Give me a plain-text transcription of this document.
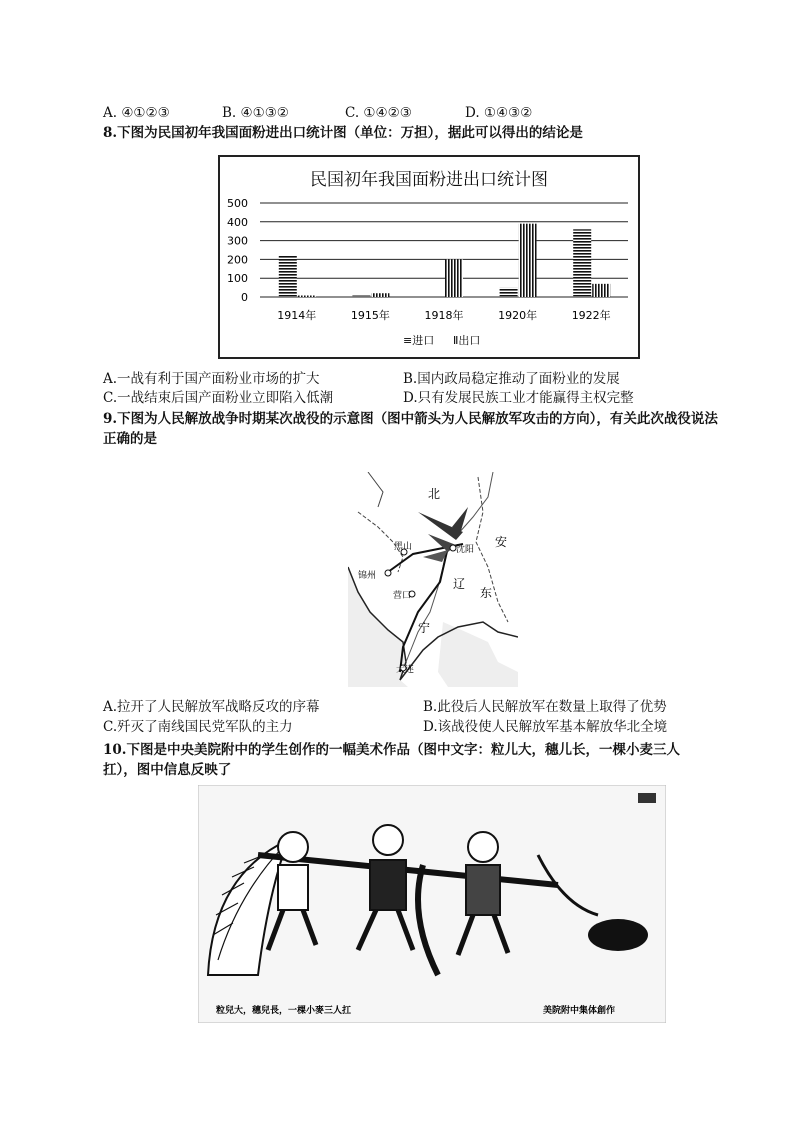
A. ④①②③	B. ④①③②	C. ①④②③	D. ①④③②
8.下图为民国初年我国面粉进出口统计图（单位：万担），据此可以得出的结论是
民国初年我国面粉进出口统计图
500
400
300
200
100
0
1914年	1915年	1918年	1920年	1922年
≡进口 Ⅱ出口
A.一战有利于国产面粉业市场的扩大	B.国内政局稳定推动了面粉业的发展
C.一战结束后国产面粉业立即陷入低潮	D.只有发展民族工业才能赢得主权完整
9.下图为人民解放战争时期某次战役的示意图（图中箭头为人民解放军攻击的方向），有关此次战役说法
正确的是
北
安
沈阳
黑山
锦州
辽
东
营口
宁
大连
A.拉开了人民解放军战略反攻的序幕	B.此役后人民解放军在数量上取得了优势
C.歼灭了南线国民党军队的主力	D.该战役使人民解放军基本解放华北全境
10.下图是中央美院附中的学生创作的一幅美术作品（图中文字：粒儿大，穗儿长，一棵小麦三人
扛），图中信息反映了
粒兒大，穗兒長，一棵小麥三人扛	美院附中集体創作
